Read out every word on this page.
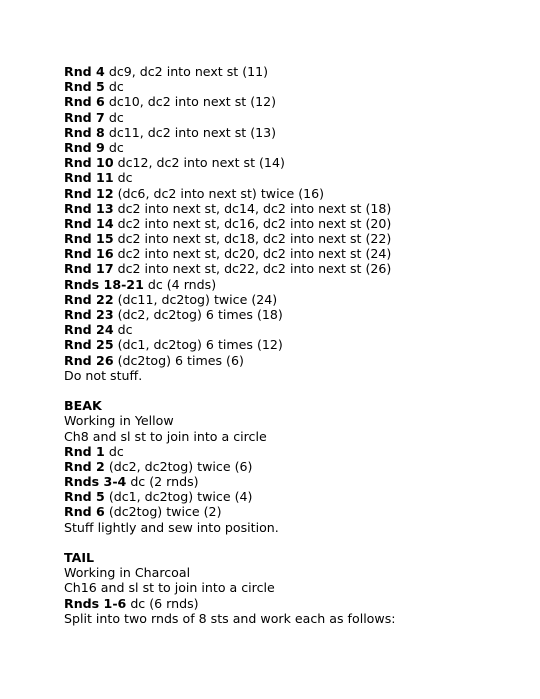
Rnd 4 dc9, dc2 into next st (11)
Rnd 5 dc
Rnd 6 dc10, dc2 into next st (12)
Rnd 7 dc
Rnd 8 dc11, dc2 into next st (13)
Rnd 9 dc
Rnd 10 dc12, dc2 into next st (14)
Rnd 11 dc
Rnd 12 (dc6, dc2 into next st) twice (16)
Rnd 13 dc2 into next st, dc14, dc2 into next st (18)
Rnd 14 dc2 into next st, dc16, dc2 into next st (20)
Rnd 15 dc2 into next st, dc18, dc2 into next st (22)
Rnd 16 dc2 into next st, dc20, dc2 into next st (24)
Rnd 17 dc2 into next st, dc22, dc2 into next st (26)
Rnds 18-21 dc (4 rnds)
Rnd 22 (dc11, dc2tog) twice (24)
Rnd 23 (dc2, dc2tog) 6 times (18)
Rnd 24 dc
Rnd 25 (dc1, dc2tog) 6 times (12)
Rnd 26 (dc2tog) 6 times (6)
Do not stuff.
BEAK
Working in Yellow
Ch8 and sl st to join into a circle
Rnd 1 dc
Rnd 2 (dc2, dc2tog) twice (6)
Rnds 3-4 dc (2 rnds)
Rnd 5 (dc1, dc2tog) twice (4)
Rnd 6 (dc2tog) twice (2)
Stuff lightly and sew into position.
TAIL
Working in Charcoal
Ch16 and sl st to join into a circle
Rnds 1-6 dc (6 rnds)
Split into two rnds of 8 sts and work each as follows:
